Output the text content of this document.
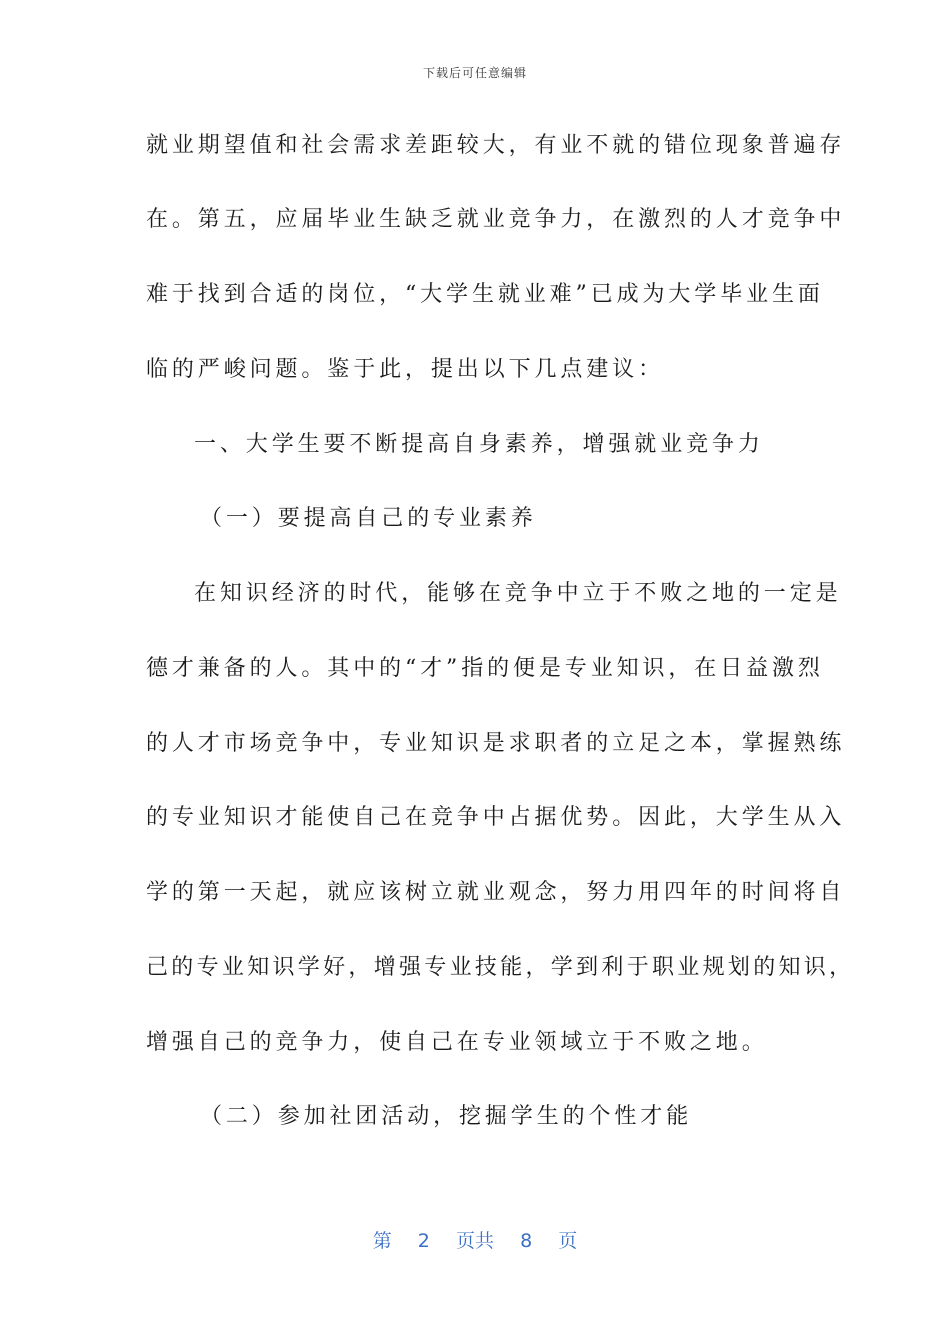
下载后可任意编辑
就业期望值和社会需求差距较大，有业不就的错位现象普遍存
在。第五，应届毕业生缺乏就业竞争力，在激烈的人才竞争中
难于找到合适的岗位，“大学生就业难”已成为大学毕业生面
临的严峻问题。鉴于此，提出以下几点建议：
一、大学生要不断提高自身素养，增强就业竞争力
（一）要提高自己的专业素养
在知识经济的时代，能够在竞争中立于不败之地的一定是
德才兼备的人。其中的“才”指的便是专业知识，在日益激烈
的人才市场竞争中，专业知识是求职者的立足之本，掌握熟练
的专业知识才能使自己在竞争中占据优势。因此，大学生从入
学的第一天起，就应该树立就业观念，努力用四年的时间将自
己的专业知识学好，增强专业技能，学到利于职业规划的知识，
增强自己的竞争力，使自己在专业领域立于不败之地。
（二）参加社团活动，挖掘学生的个性才能
第 2 页共 8 页
